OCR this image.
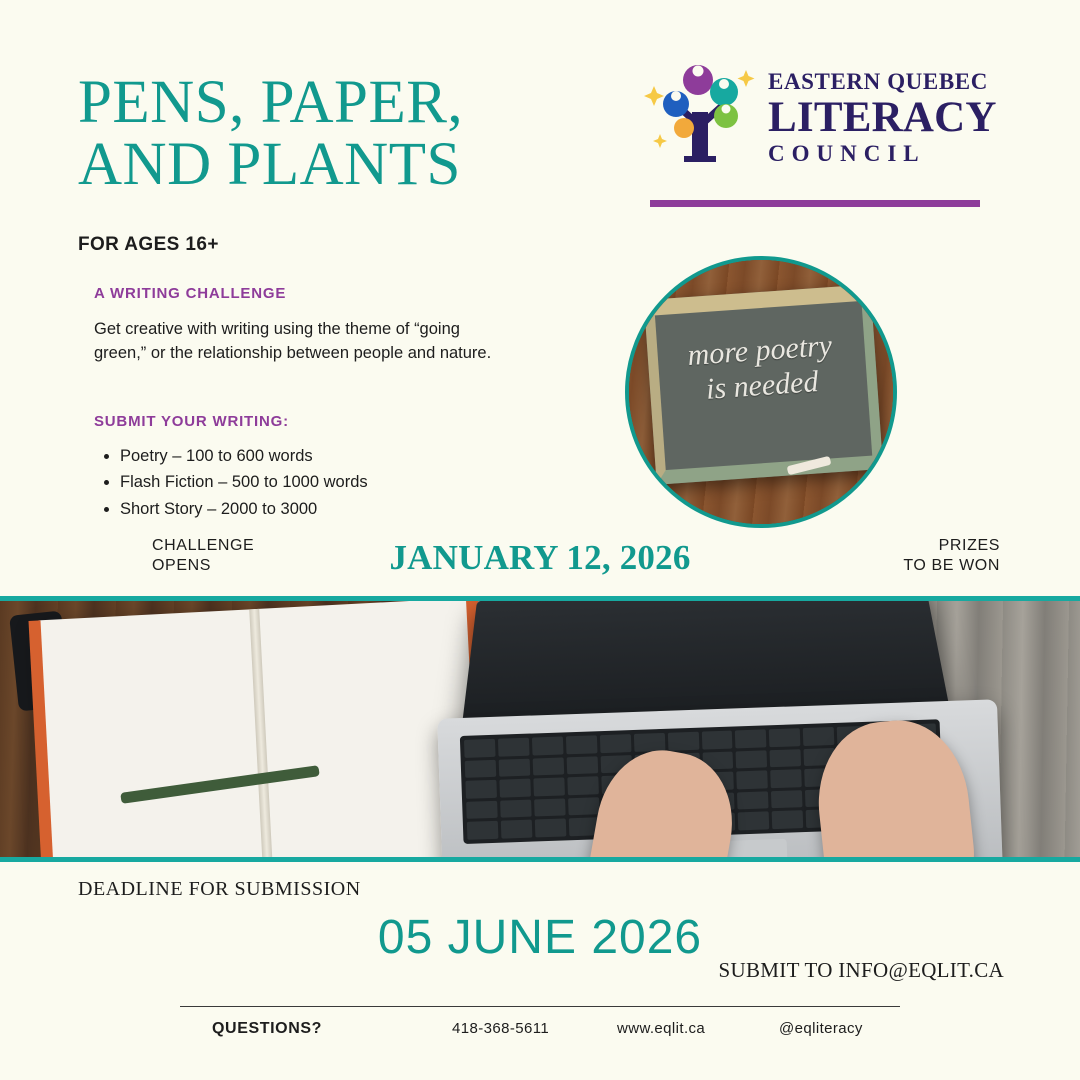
PENS, PAPER,
AND PLANTS
FOR AGES 16+
A WRITING CHALLENGE
Get creative with writing using the theme of “going green,” or the relationship between people and nature.
SUBMIT YOUR WRITING:
• Poetry – 100 to 600 words
• Flash Fiction – 500 to 1000 words
• Short Story – 2000 to 3000
EASTERN QUEBEC
LITERACY
COUNCIL
more poetry
is needed
CHALLENGE
OPENS	JANUARY 12, 2026	PRIZES
TO BE WON
DEADLINE FOR SUBMISSION
05 JUNE 2026
SUBMIT TO INFO@EQLIT.CA
QUESTIONS?	418-368-5611	www.eqlit.ca	@eqliteracy
